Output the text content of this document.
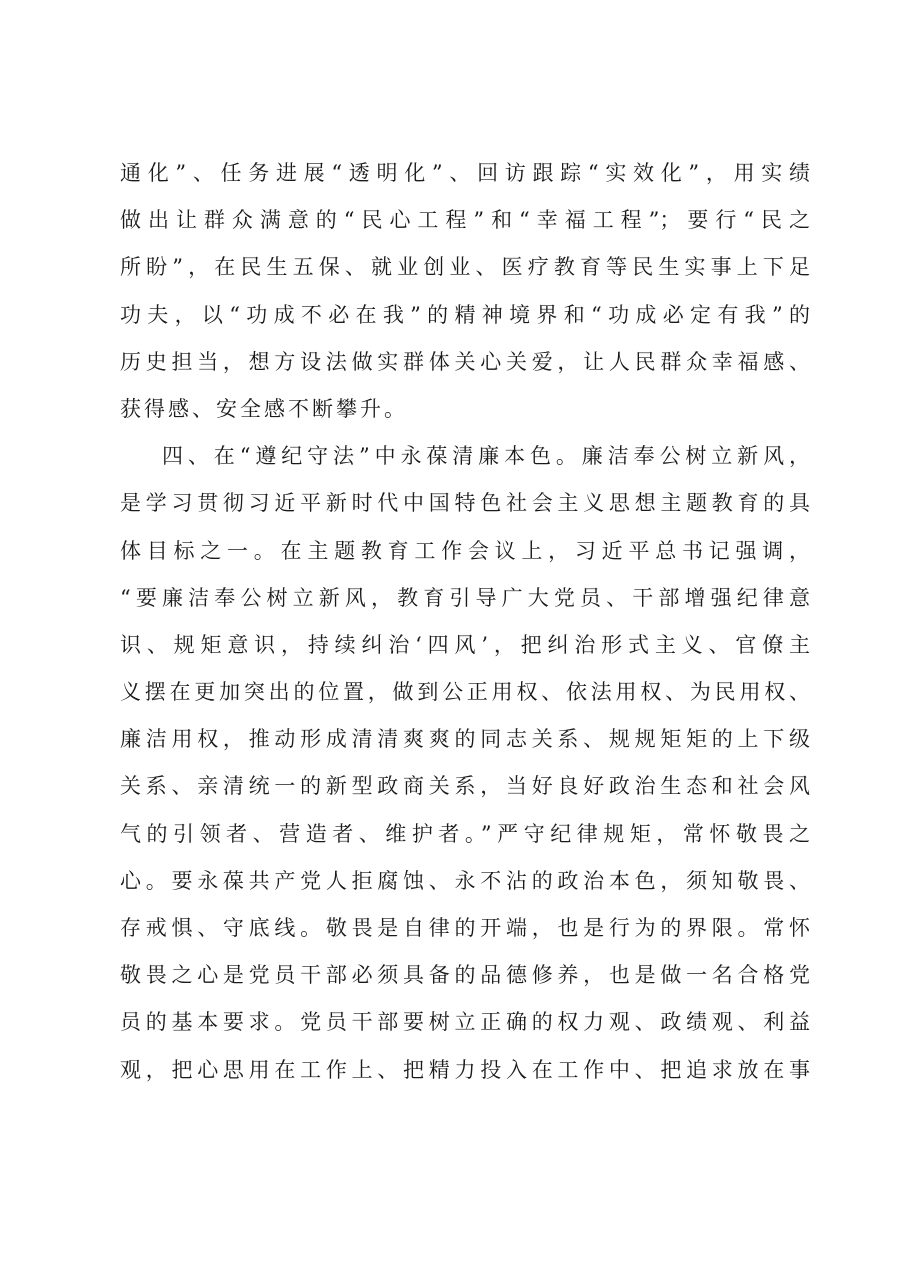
通化”、任务进展“透明化”、回访跟踪“实效化”，用实绩
做出让群众满意的“民心工程”和“幸福工程”；要行“民之
所盼”，在民生五保、就业创业、医疗教育等民生实事上下足
功夫，以“功成不必在我”的精神境界和“功成必定有我”的
历史担当，想方设法做实群体关心关爱，让人民群众幸福感、
获得感、安全感不断攀升。
四、在“遵纪守法”中永葆清廉本色。廉洁奉公树立新风，
是学习贯彻习近平新时代中国特色社会主义思想主题教育的具
体目标之一。在主题教育工作会议上，习近平总书记强调，
“要廉洁奉公树立新风，教育引导广大党员、干部增强纪律意
识、规矩意识，持续纠治‘四风’，把纠治形式主义、官僚主
义摆在更加突出的位置，做到公正用权、依法用权、为民用权、
廉洁用权，推动形成清清爽爽的同志关系、规规矩矩的上下级
关系、亲清统一的新型政商关系，当好良好政治生态和社会风
气的引领者、营造者、维护者。”严守纪律规矩，常怀敬畏之
心。要永葆共产党人拒腐蚀、永不沾的政治本色，须知敬畏、
存戒惧、守底线。敬畏是自律的开端，也是行为的界限。常怀
敬畏之心是党员干部必须具备的品德修养，也是做一名合格党
员的基本要求。党员干部要树立正确的权力观、政绩观、利益
观，把心思用在工作上、把精力投入在工作中、把追求放在事
